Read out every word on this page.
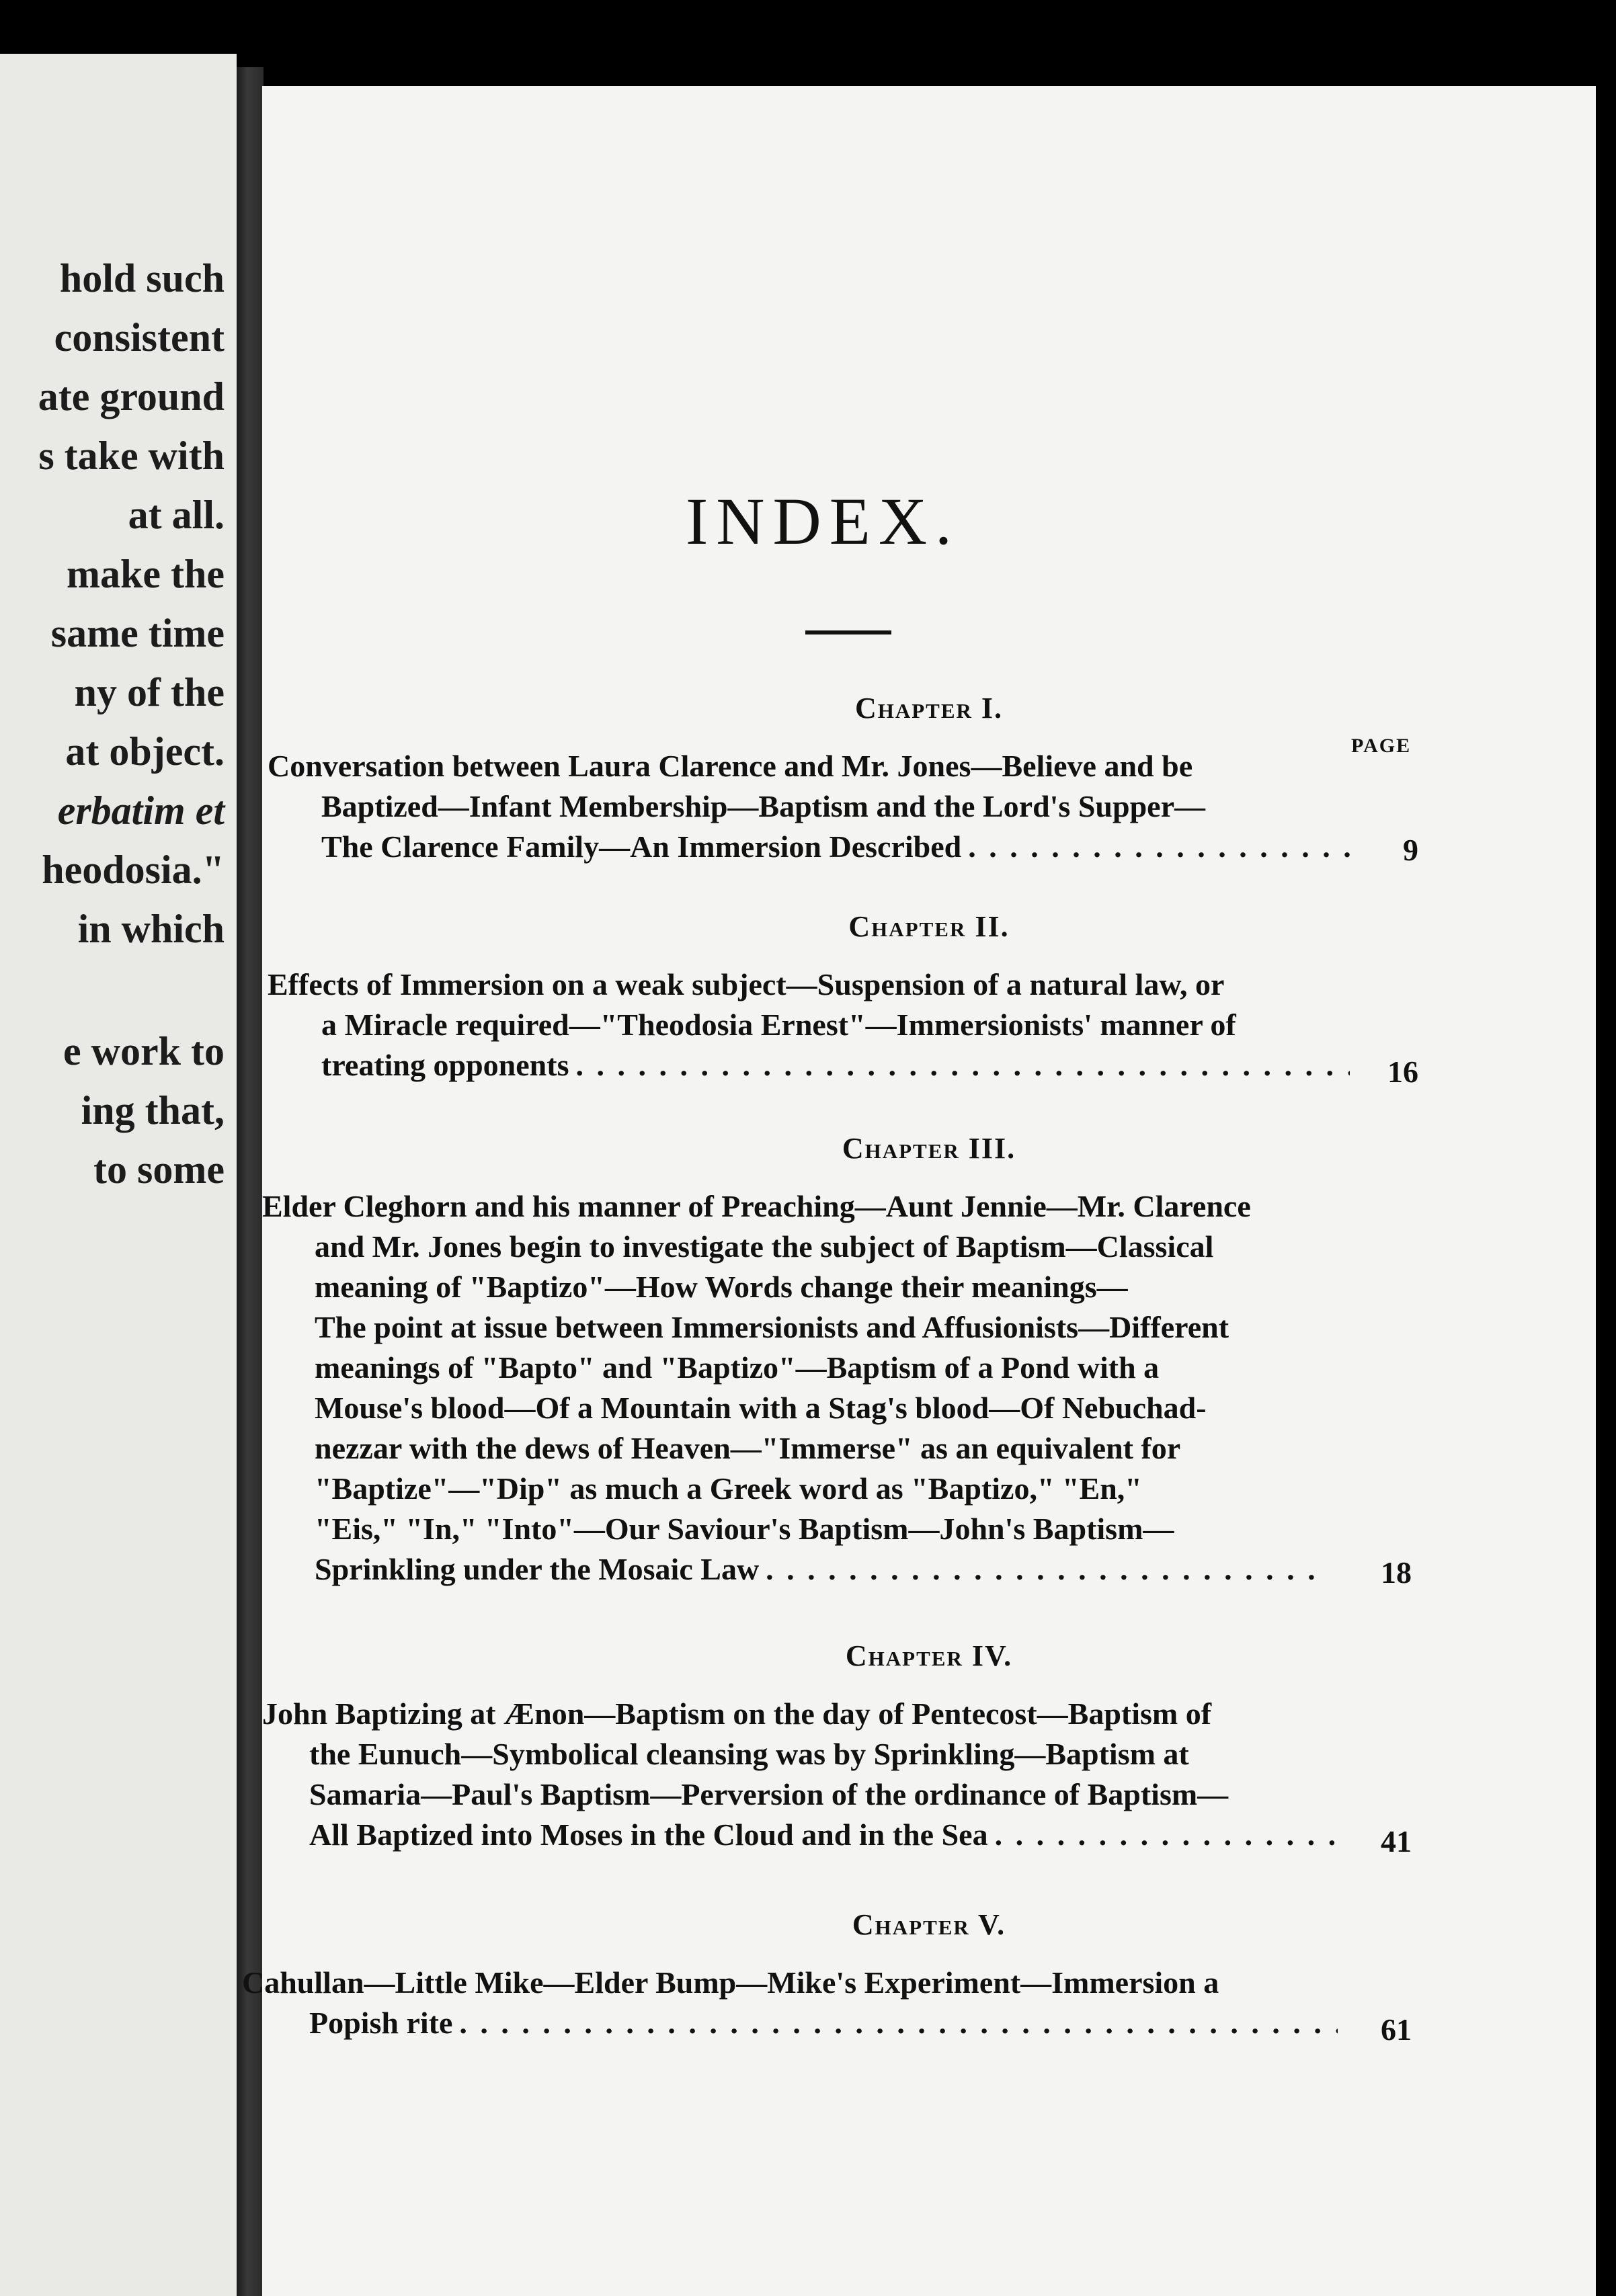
hold such
consistent
ate ground
s take with
at all.
make the
same time
ny of the
at object.
erbatim et
heodosia."
in which
e work to
ing that,
to some
INDEX.
PAGE
Chapter I.
Conversation between Laura Clarence and Mr. Jones—Believe and be
Baptized—Infant Membership—Baptism and the Lord's Supper—
The Clarence Family—An Immersion Described . . .	9
Chapter II.
Effects of Immersion on a weak subject—Suspension of a natural law, or
a Miracle required—"Theodosia Ernest"—Immersionists' manner of
treating opponents . . .	16
Chapter III.
Elder Cleghorn and his manner of Preaching—Aunt Jennie—Mr. Clarence
and Mr. Jones begin to investigate the subject of Baptism—Classical
meaning of "Baptizo"—How Words change their meanings—
The point at issue between Immersionists and Affusionists—Different
meanings of "Bapto" and "Baptizo"—Baptism of a Pond with a
Mouse's blood—Of a Mountain with a Stag's blood—Of Nebuchad-
nezzar with the dews of Heaven—"Immerse" as an equivalent for
"Baptize"—"Dip" as much a Greek word as "Baptizo," "En,"
"Eis," "In," "Into"—Our Saviour's Baptism—John's Baptism—
Sprinkling under the Mosaic Law . . .	18
Chapter IV.
John Baptizing at Ænon—Baptism on the day of Pentecost—Baptism of
the Eunuch—Symbolical cleansing was by Sprinkling—Baptism at
Samaria—Paul's Baptism—Perversion of the ordinance of Baptism—
All Baptized into Moses in the Cloud and in the Sea . . .	41
Chapter V.
Cahullan—Little Mike—Elder Bump—Mike's Experiment—Immersion a
Popish rite . . .	61
